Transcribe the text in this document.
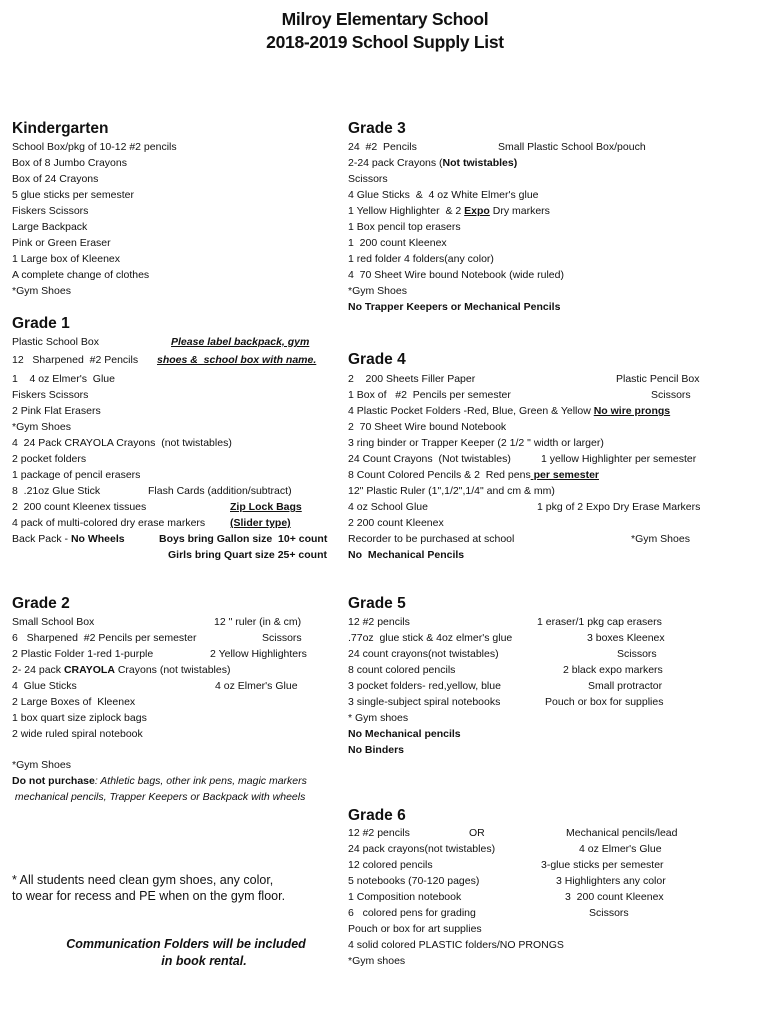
Milroy Elementary School
2018-2019 School Supply List
Kindergarten
School Box/pkg of 10-12 #2 pencils
Box of 8 Jumbo Crayons
Box of 24 Crayons
5 glue sticks per semester
Fiskers Scissors
Large Backpack
Pink or Green Eraser
1 Large box of Kleenex
A complete change of clothes
*Gym Shoes
Grade 1
Plastic School Box	Please label backpack, gym
12   Sharpened  #2 Pencils shoes &  school box with name.
1    4 oz Elmer's  Glue
Fiskers Scissors
2 Pink Flat Erasers
*Gym Shoes
4  24 Pack CRAYOLA Crayons  (not twistables)
2 pocket folders
1 package of pencil erasers
8  .21oz Glue Stick	Flash Cards (addition/subtract)
2  200 count Kleenex tissues	Zip Lock Bags
4 pack of multi-colored dry erase markers (Slider type)
Back Pack - No Wheels	Boys bring Gallon size  10+ count
Girls bring Quart size 25+ count
Grade 2
Small School Box	12 " ruler (in & cm)
6   Sharpened  #2 Pencils per semester	Scissors
2 Plastic Folder 1-red 1-purple	2 Yellow Highlighters
2- 24 pack CRAYOLA Crayons (not twistables)
4  Glue Sticks	4 oz Elmer's Glue
2 Large Boxes of  Kleenex
1 box quart size ziplock bags
2 wide ruled spiral notebook
*Gym Shoes
Do not purchase: Athletic bags, other ink pens, magic markers
mechanical pencils, Trapper Keepers or Backpack with wheels
* All students need clean gym shoes, any color,
to wear for recess and PE when on the gym floor.
Communication Folders will be included
in book rental.
Grade 3
24  #2  Pencils	Small Plastic School Box/pouch
2-24 pack Crayons (Not twistables)
Scissors
4 Glue Sticks  &  4 oz White Elmer's glue
1 Yellow Highlighter  & 2 Expo Dry markers
1 Box pencil top erasers
1  200 count Kleenex
1 red folder 4 folders(any color)
4  70 Sheet Wire bound Notebook (wide ruled)
*Gym Shoes
No Trapper Keepers or Mechanical Pencils
Grade 4
2    200 Sheets Filler Paper	Plastic Pencil Box
1 Box of   #2  Pencils per semester	Scissors
4 Plastic Pocket Folders -Red, Blue, Green & Yellow No wire prongs
2  70 Sheet Wire bound Notebook
3 ring binder or Trapper Keeper (2 1/2 " width or larger)
24 Count Crayons  (Not twistables)	1 yellow Highlighter per semester
8 Count Colored Pencils & 2  Red pens per semester
12" Plastic Ruler (1",1/2",1/4" and cm & mm)
4 oz School Glue	1 pkg of 2 Expo Dry Erase Markers
2 200 count Kleenex
Recorder to be purchased at school	*Gym Shoes
No  Mechanical Pencils
Grade 5
12 #2 pencils	1 eraser/1 pkg cap erasers
.77oz  glue stick & 4oz elmer's glue	3 boxes Kleenex
24 count crayons(not twistables)	Scissors
8 count colored pencils	2 black expo markers
3 pocket folders- red,yellow, blue	Small protractor
3 single-subject spiral notebooks	Pouch or box for supplies
* Gym shoes
No Mechanical pencils
No Binders
Grade 6
12 #2 pencils	OR	Mechanical pencils/lead
24 pack crayons(not twistables)	4 oz Elmer's Glue
12 colored pencils	3-glue sticks per semester
5 notebooks (70-120 pages)	3 Highlighters any color
1 Composition notebook	3  200 count Kleenex
6   colored pens for grading	Scissors
Pouch or box for art supplies
4 solid colored PLASTIC folders/NO PRONGS
*Gym shoes
